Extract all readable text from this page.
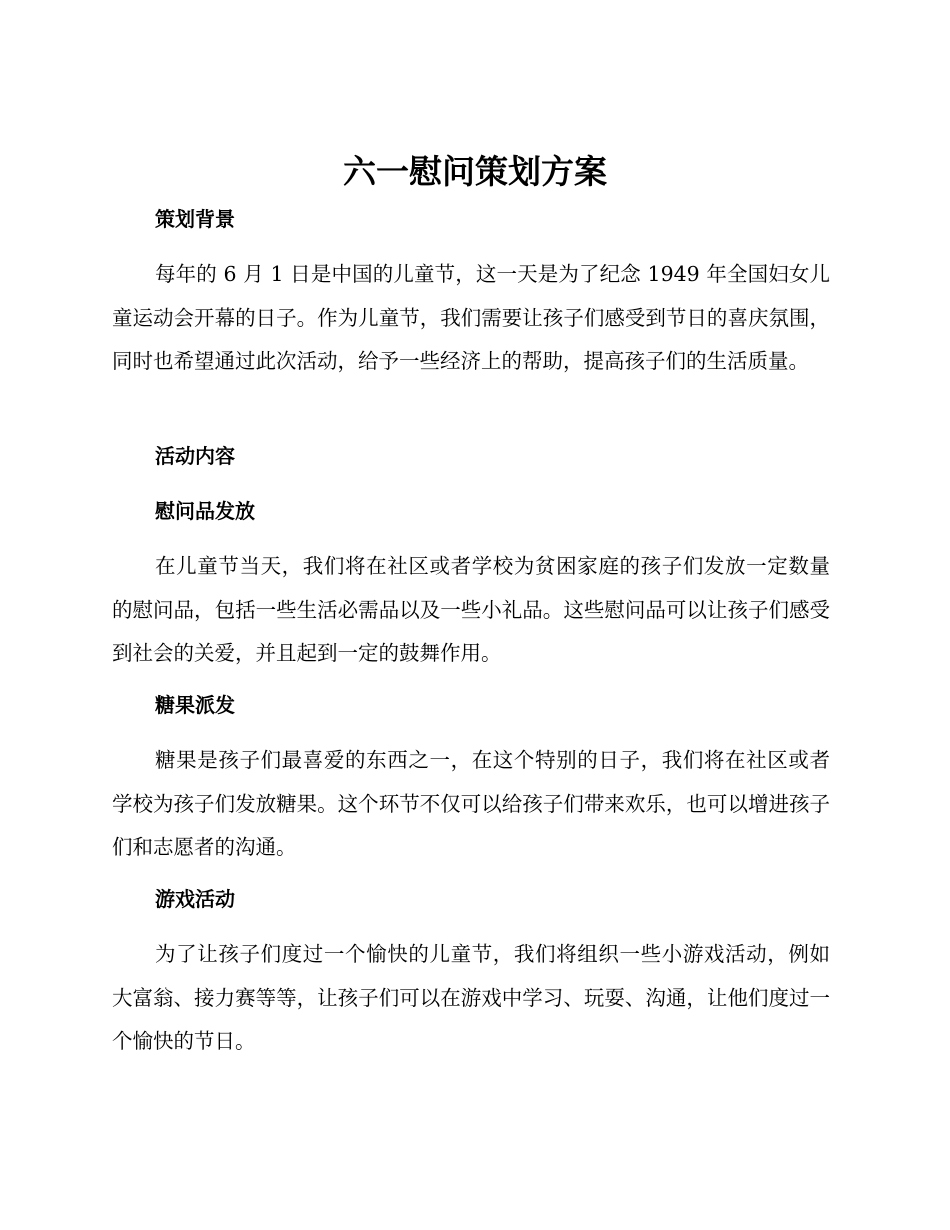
六一慰问策划方案
策划背景

每年的 6 月 1 日是中国的儿童节，这一天是为了纪念 1949 年全国妇女儿童运动会开幕的日子。作为儿童节，我们需要让孩子们感受到节日的喜庆氛围，同时也希望通过此次活动，给予一些经济上的帮助，提高孩子们的生活质量。

活动内容
慰问品发放

在儿童节当天，我们将在社区或者学校为贫困家庭的孩子们发放一定数量的慰问品，包括一些生活必需品以及一些小礼品。这些慰问品可以让孩子们感受到社会的关爱，并且起到一定的鼓舞作用。

糖果派发

糖果是孩子们最喜爱的东西之一，在这个特别的日子，我们将在社区或者学校为孩子们发放糖果。这个环节不仅可以给孩子们带来欢乐，也可以增进孩子们和志愿者的沟通。

游戏活动

为了让孩子们度过一个愉快的儿童节，我们将组织一些小游戏活动，例如大富翁、接力赛等等，让孩子们可以在游戏中学习、玩耍、沟通，让他们度过一个愉快的节日。
